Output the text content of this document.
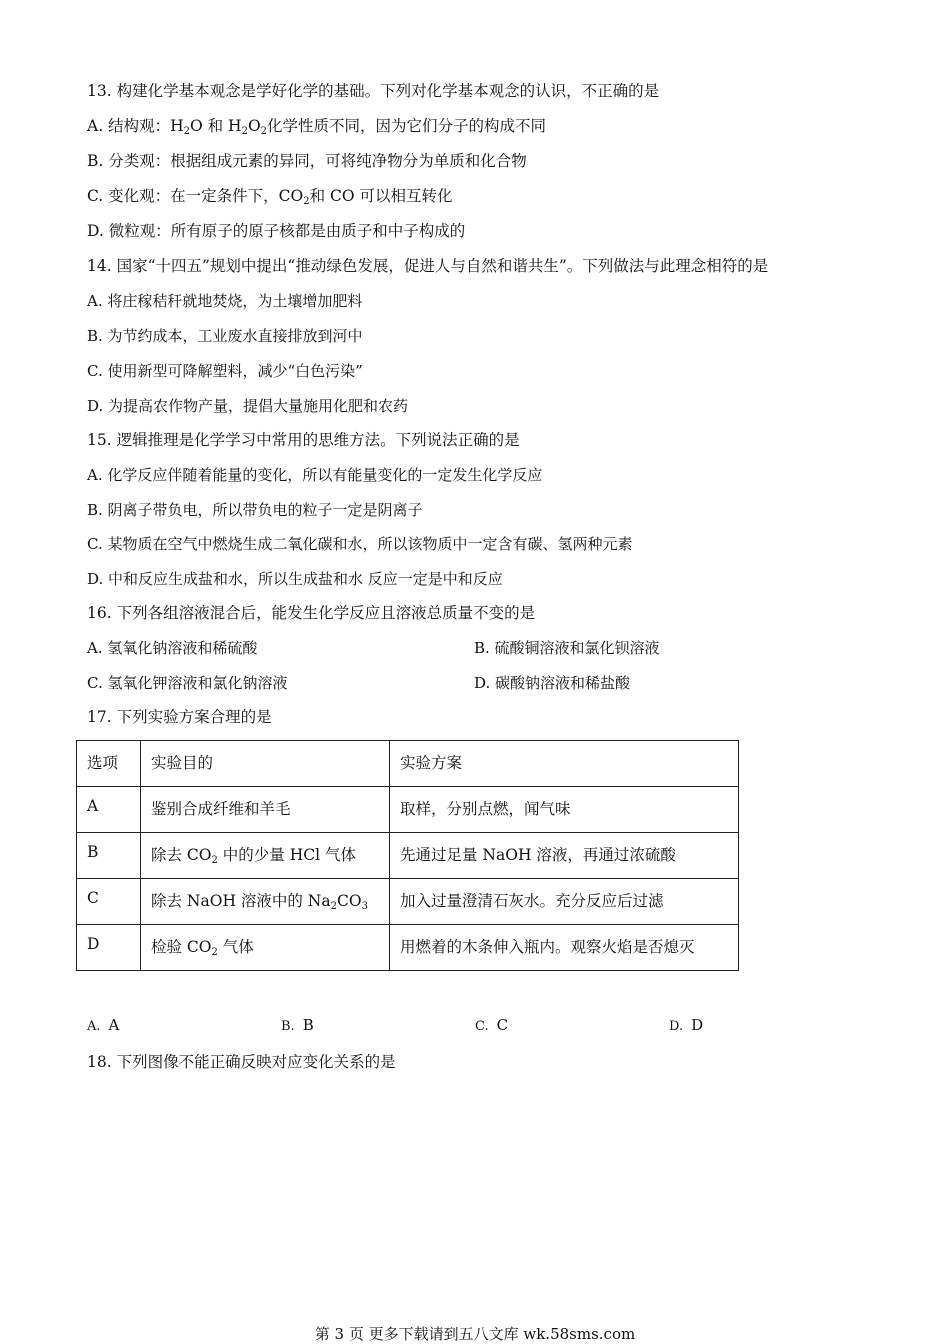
13. 构建化学基本观念是学好化学的基础。下列对化学基本观念的认识，不正确的是
A. 结构观：$H_2O$ 和 $H_2O_2$化学性质不同，因为它们分子的构成不同
B. 分类观：根据组成元素的异同，可将纯净物分为单质和化合物
C. 变化观：在一定条件下，$CO_2$和 CO 可以相互转化
D. 微粒观：所有原子的原子核都是由质子和中子构成的
14. 国家“十四五”规划中提出“推动绿色发展，促进人与自然和谐共生”。下列做法与此理念相符的是
A. 将庄稼秸秆就地焚烧，为土壤增加肥料
B. 为节约成本，工业废水直接排放到河中
C. 使用新型可降解塑料，减少“白色污染”
D. 为提高农作物产量，提倡大量施用化肥和农药
15. 逻辑推理是化学学习中常用的思维方法。下列说法正确的是
A. 化学反应伴随着能量的变化，所以有能量变化的一定发生化学反应
B. 阴离子带负电，所以带负电的粒子一定是阴离子
C. 某物质在空气中燃烧生成二氧化碳和水，所以该物质中一定含有碳、氢两种元素
D. 中和反应生成盐和水，所以生成盐和水 反应一定是中和反应
16. 下列各组溶液混合后，能发生化学反应且溶液总质量不变的是
A. 氢氧化钠溶液和稀硫酸	B. 硫酸铜溶液和氯化钡溶液
C. 氢氧化钾溶液和氯化钠溶液	D. 碳酸钠溶液和稀盐酸
17. 下列实验方案合理的是
选项	实验目的	实验方案
A	鉴别合成纤维和羊毛	取样，分别点燃，闻气味
B	除去 $CO_2$ 中的少量 HCl 气体	先通过足量 NaOH 溶液，再通过浓硫酸
C	除去 NaOH 溶液中的 $Na_2CO_3$	加入过量澄清石灰水。充分反应后过滤
D	检验 $CO_2$ 气体	用燃着的木条伸入瓶内。观察火焰是否熄灭
A. A	B. B	C. C	D. D
18. 下列图像不能正确反映对应变化关系的是
第 3 页 更多下载请到五八文库 wk.58sms.com
